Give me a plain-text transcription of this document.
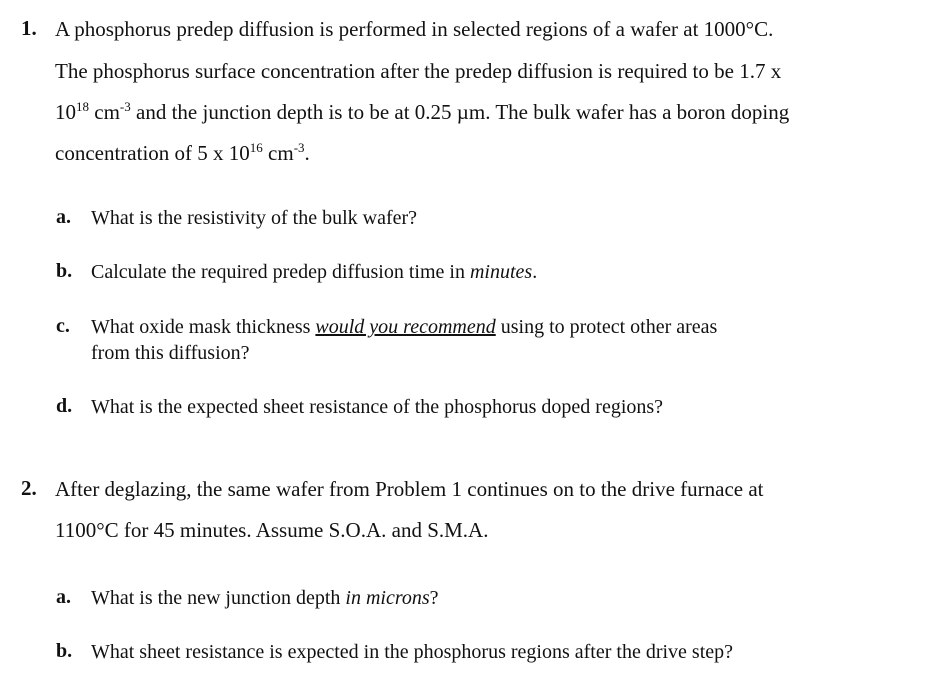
1. A phosphorus predep diffusion is performed in selected regions of a wafer at 1000°C.
The phosphorus surface concentration after the predep diffusion is required to be 1.7 x
$10^{18}$ $cm^{-3}$ and the junction depth is to be at 0.25 µm. The bulk wafer has a boron doping
concentration of 5 x $10^{16}$ $cm^{-3}$.
a. What is the resistivity of the bulk wafer?
b. Calculate the required predep diffusion time in minutes.
c. What oxide mask thickness would you recommend using to protect other areas
from this diffusion?
d. What is the expected sheet resistance of the phosphorus doped regions?
2. After deglazing, the same wafer from Problem 1 continues on to the drive furnace at
1100°C for 45 minutes. Assume S.O.A. and S.M.A.
a. What is the new junction depth in microns?
b. What sheet resistance is expected in the phosphorus regions after the drive step?
